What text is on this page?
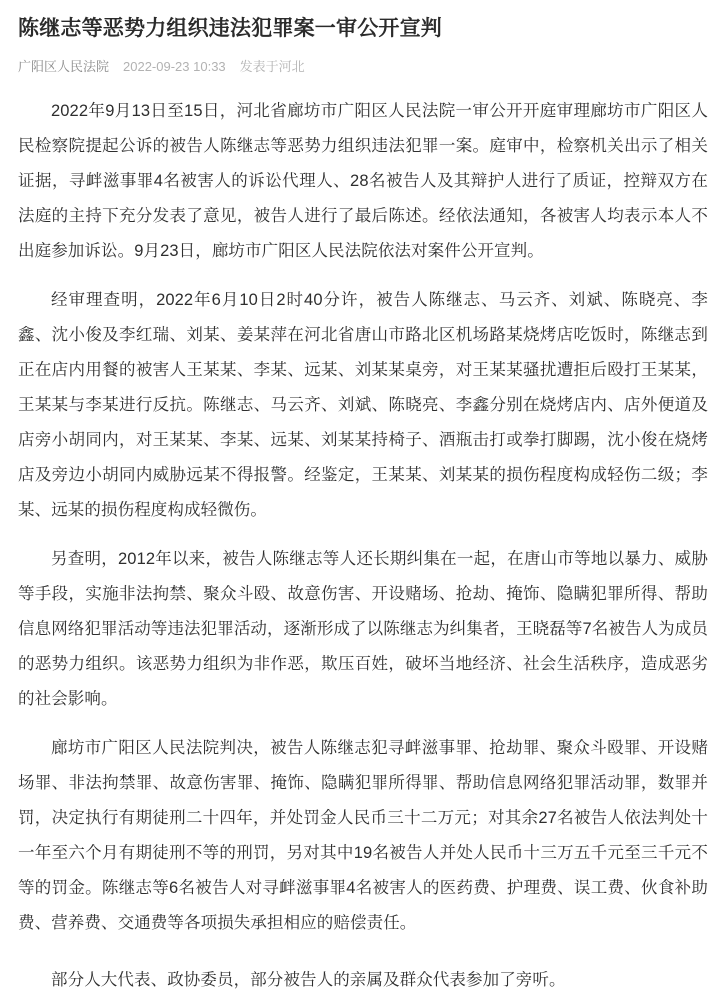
陈继志等恶势力组织违法犯罪案一审公开宣判
广阳区人民法院 2022-09-23 10:33 发表于河北

2022年9月13日至15日，河北省廊坊市广阳区人民法院一审公开开庭审理廊坊市广阳区人民检察院提起公诉的被告人陈继志等恶势力组织违法犯罪一案。庭审中，检察机关出示了相关证据，寻衅滋事罪4名被害人的诉讼代理人、28名被告人及其辩护人进行了质证，控辩双方在法庭的主持下充分发表了意见，被告人进行了最后陈述。经依法通知，各被害人均表示本人不出庭参加诉讼。9月23日，廊坊市广阳区人民法院依法对案件公开宣判。

经审理查明，2022年6月10日2时40分许，被告人陈继志、马云齐、刘斌、陈晓亮、李鑫、沈小俊及李红瑞、刘某、姜某萍在河北省唐山市路北区机场路某烧烤店吃饭时，陈继志到正在店内用餐的被害人王某某、李某、远某、刘某某桌旁，对王某某骚扰遭拒后殴打王某某，王某某与李某进行反抗。陈继志、马云齐、刘斌、陈晓亮、李鑫分别在烧烤店内、店外便道及店旁小胡同内，对王某某、李某、远某、刘某某持椅子、酒瓶击打或拳打脚踢，沈小俊在烧烤店及旁边小胡同内威胁远某不得报警。经鉴定，王某某、刘某某的损伤程度构成轻伤二级；李某、远某的损伤程度构成轻微伤。

另查明，2012年以来，被告人陈继志等人还长期纠集在一起，在唐山市等地以暴力、威胁等手段，实施非法拘禁、聚众斗殴、故意伤害、开设赌场、抢劫、掩饰、隐瞒犯罪所得、帮助信息网络犯罪活动等违法犯罪活动，逐渐形成了以陈继志为纠集者，王晓磊等7名被告人为成员的恶势力组织。该恶势力组织为非作恶，欺压百姓，破坏当地经济、社会生活秩序，造成恶劣的社会影响。

廊坊市广阳区人民法院判决，被告人陈继志犯寻衅滋事罪、抢劫罪、聚众斗殴罪、开设赌场罪、非法拘禁罪、故意伤害罪、掩饰、隐瞒犯罪所得罪、帮助信息网络犯罪活动罪，数罪并罚，决定执行有期徒刑二十四年，并处罚金人民币三十二万元；对其余27名被告人依法判处十一年至六个月有期徒刑不等的刑罚，另对其中19名被告人并处人民币十三万五千元至三千元不等的罚金。陈继志等6名被告人对寻衅滋事罪4名被害人的医药费、护理费、误工费、伙食补助费、营养费、交通费等各项损失承担相应的赔偿责任。

部分人大代表、政协委员，部分被告人的亲属及群众代表参加了旁听。
